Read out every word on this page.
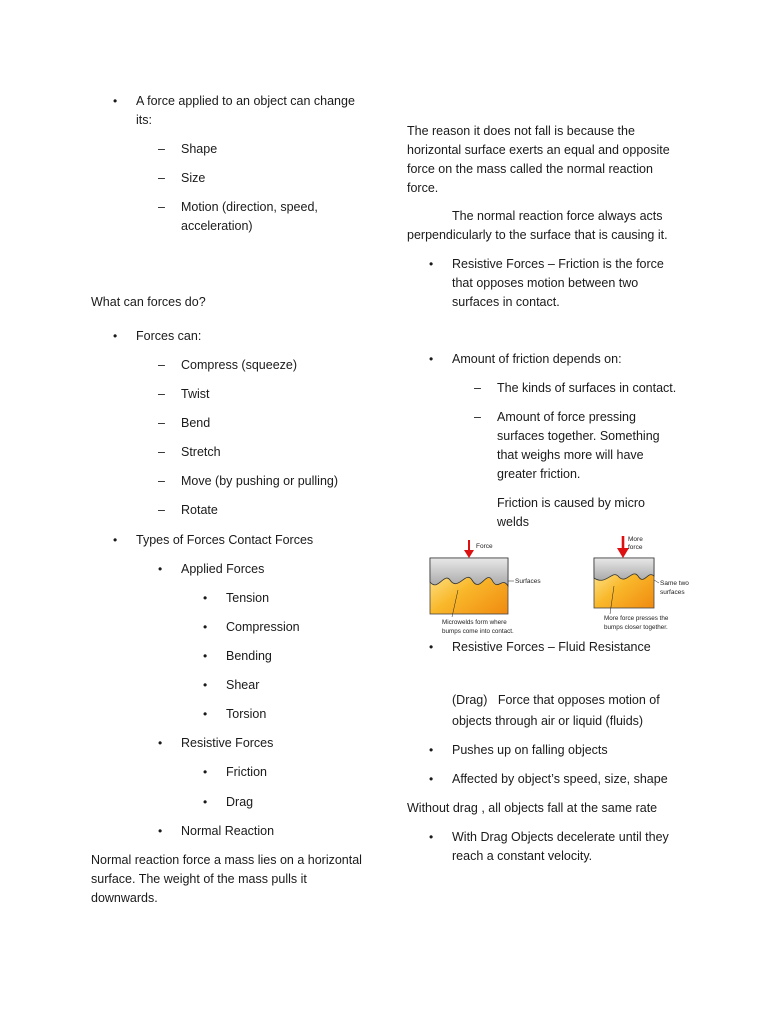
• A force applied to an object can change its:

– Shape

– Size

– Motion (direction, speed, acceleration)

What can forces do?

• Forces can:

– Compress (squeeze)

– Twist

– Bend

– Stretch

– Move (by pushing or pulling)

– Rotate

• Types of Forces Contact Forces

• Applied Forces

• Tension

• Compression

• Bending

• Shear

• Torsion

• Resistive Forces

• Friction

• Drag

• Normal Reaction

Normal reaction force a mass lies on a horizontal surface. The weight of the mass pulls it downwards.

The reason it does not fall is because the horizontal surface exerts an equal and opposite force on the mass called the normal reaction force.

The normal reaction force always acts perpendicularly to the surface that is causing it.

• Resistive Forces – Friction is the force that opposes motion between two surfaces in contact.

• Amount of friction depends on:

– The kinds of surfaces in contact.

– Amount of force pressing surfaces together. Something that weighs more will have greater friction.

Friction is caused by micro welds

Force
Surfaces
Microwelds form where bumps come into contact.
More force
Same two surfaces
More force presses the bumps closer together.
• Resistive Forces – Fluid Resistance

(Drag)   Force that opposes motion of objects through air or liquid (fluids)

• Pushes up on falling objects

• Affected by object’s speed, size, shape

Without drag , all objects fall at the same rate

• With Drag Objects decelerate until they reach a constant velocity.
